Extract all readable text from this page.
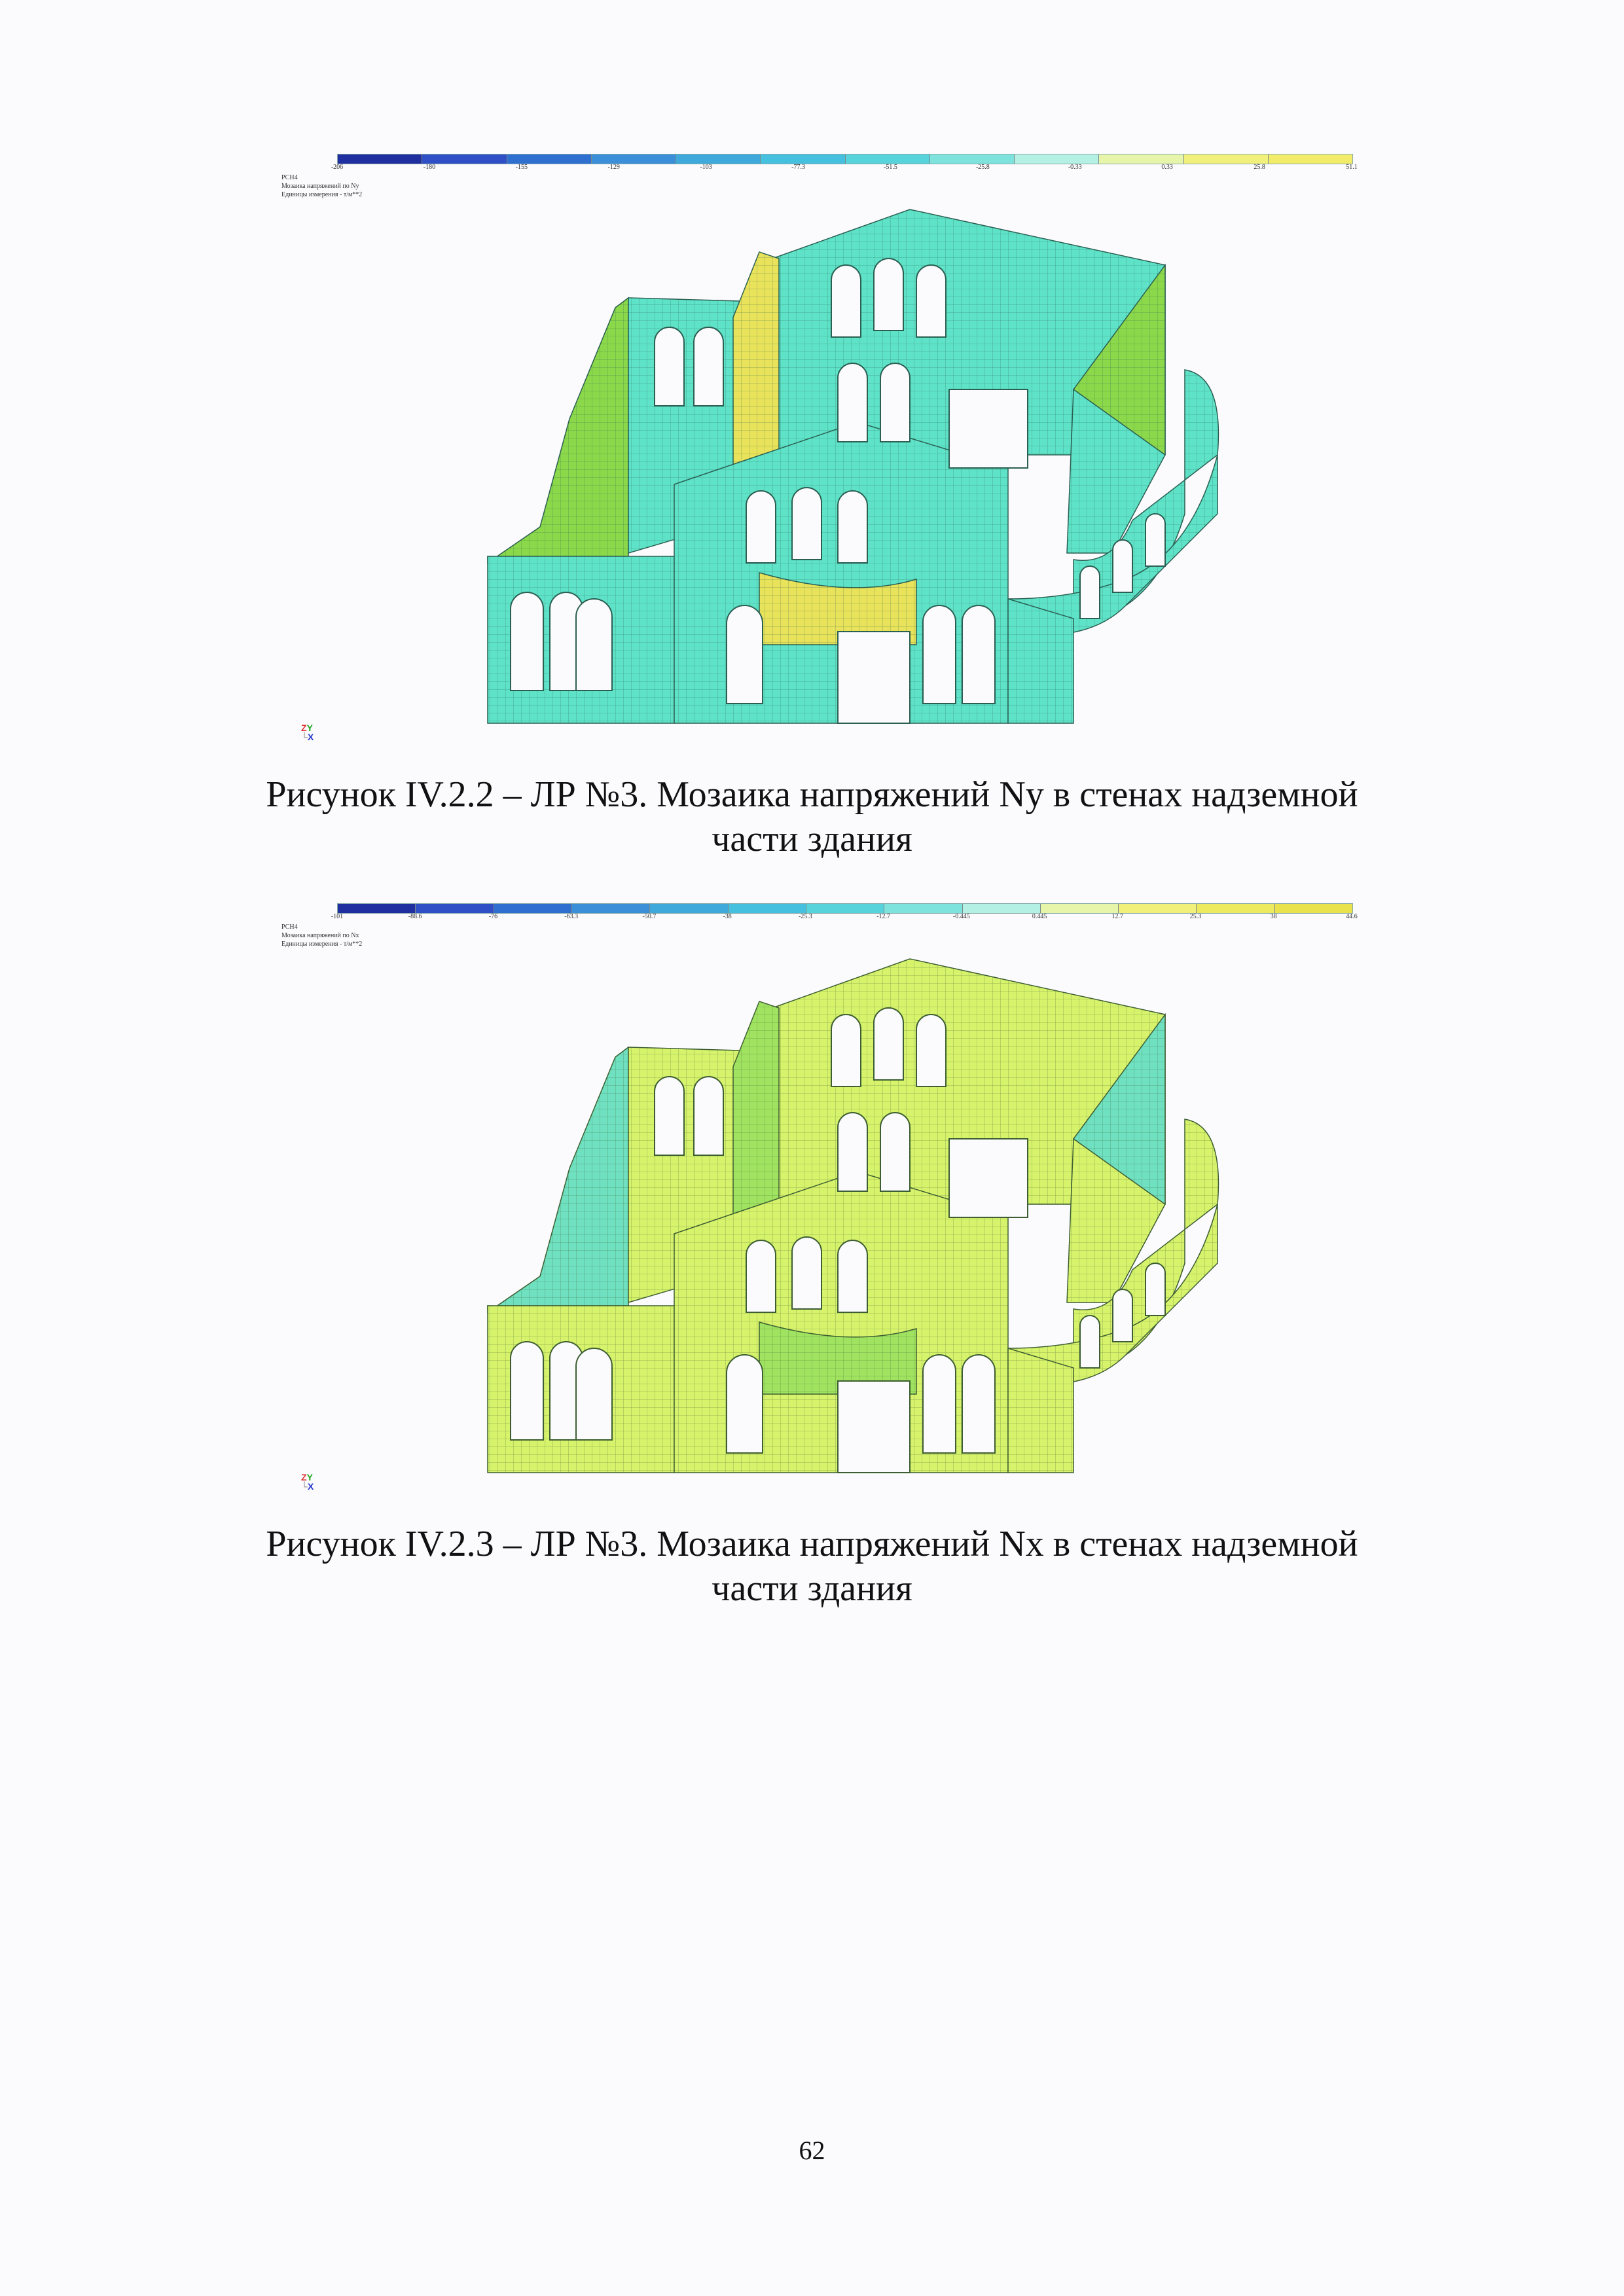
-206	-180	-155	-129	-103	-77.3	-51.5	-25.8	-0.33	0.33	25.8	51.1
РСН4
Мозаика напряжений по Ny
Единицы измерения - т/м**2
ZY
└X
Рисунок IV.2.2 – ЛР №3. Мозаика напряжений Ny в стенах надземной
части здания
-101	-88.6	-76	-63.3	-50.7	-38	-25.3	-12.7	-0.445	0.445	12.7	25.3	38	44.6
РСН4
Мозаика напряжений по Nx
Единицы измерения - т/м**2
ZY
└X
Рисунок IV.2.3 – ЛР №3. Мозаика напряжений Nx в стенах надземной
части здания
62
